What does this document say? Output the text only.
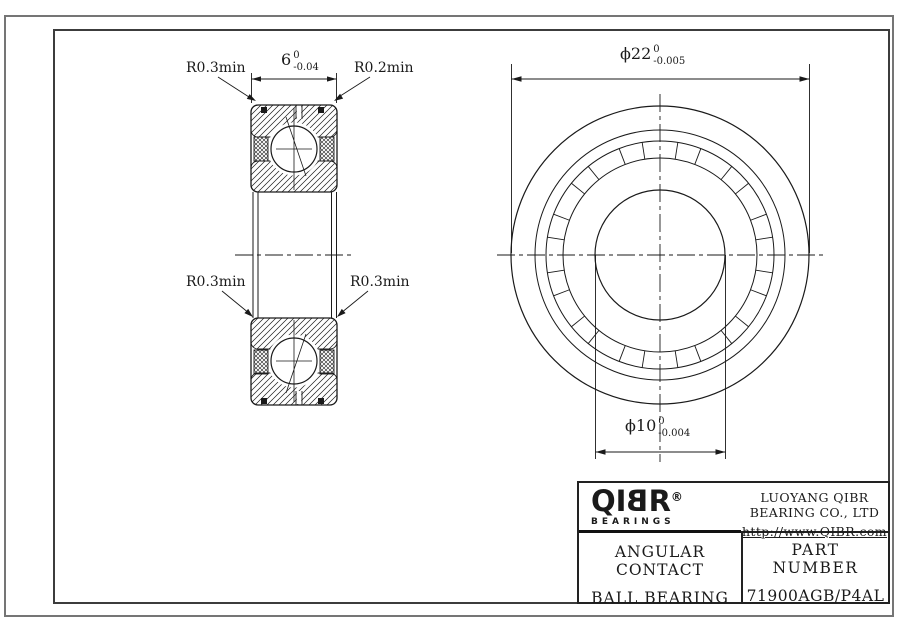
R0.3min	R0.2min
R0.3min	R0.3min
6 0
-0.04
ϕ22 0
-0.005
ϕ10 0
-0.004
QIBR®
BEARINGS
LUOYANG QIBR BEARING CO., LTD
http://www.QIBR.com
ANGULAR CONTACT
BALL BEARING
PART NUMBER
71900AGB/P4AL
